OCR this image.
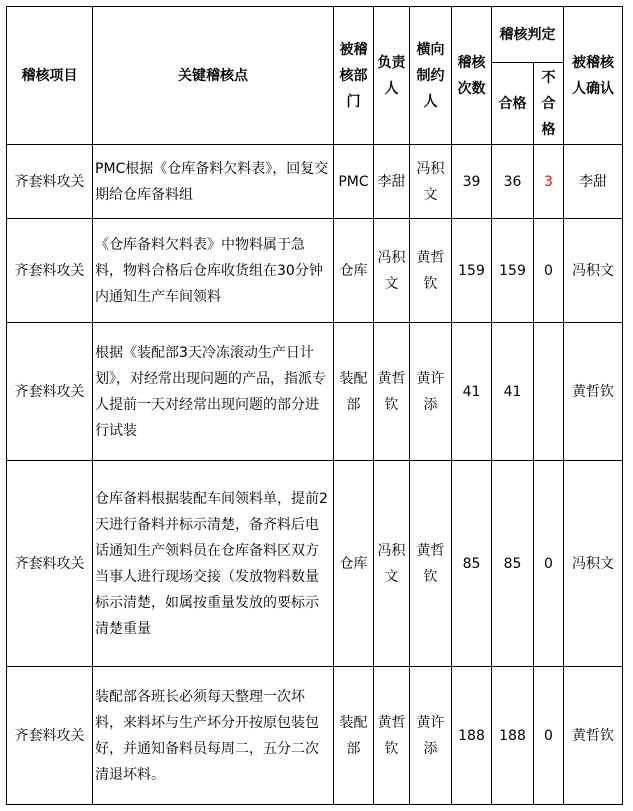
稽核项目	关键稽核点	被稽核部门	负责人	横向制约人	稽核次数	稽核判定		被稽核人确认
						合格	不合格	
齐套料攻关	PMC根据《仓库备料欠料表》，回复交期给仓库备料组	PMC	李甜	冯积文	39	36	3	李甜
齐套料攻关	《仓库备料欠料表》中物料属于急料，物料合格后仓库收货组在30分钟内通知生产车间领料	仓库	冯积文	黄哲钦	159	159	0	冯积文
齐套料攻关	根据《装配部3天冷冻滚动生产日计划》，对经常出现问题的产品，指派专人提前一天对经常出现问题的部分进行试装	装配部	黄哲钦	黄许添	41	41		黄哲钦
齐套料攻关	仓库备料根据装配车间领料单，提前2天进行备料并标示清楚，备齐料后电话通知生产领料员在仓库备料区双方当事人进行现场交接（发放物料数量标示清楚，如属按重量发放的要标示清楚重量	仓库	冯积文	黄哲钦	85	85	0	冯积文
齐套料攻关	装配部各班长必须每天整理一次坏料，来料坏与生产坏分开按原包装包好，并通知备料员每周二，五分二次清退坏料。	装配部	黄哲钦	黄许添	188	188	0	黄哲钦
